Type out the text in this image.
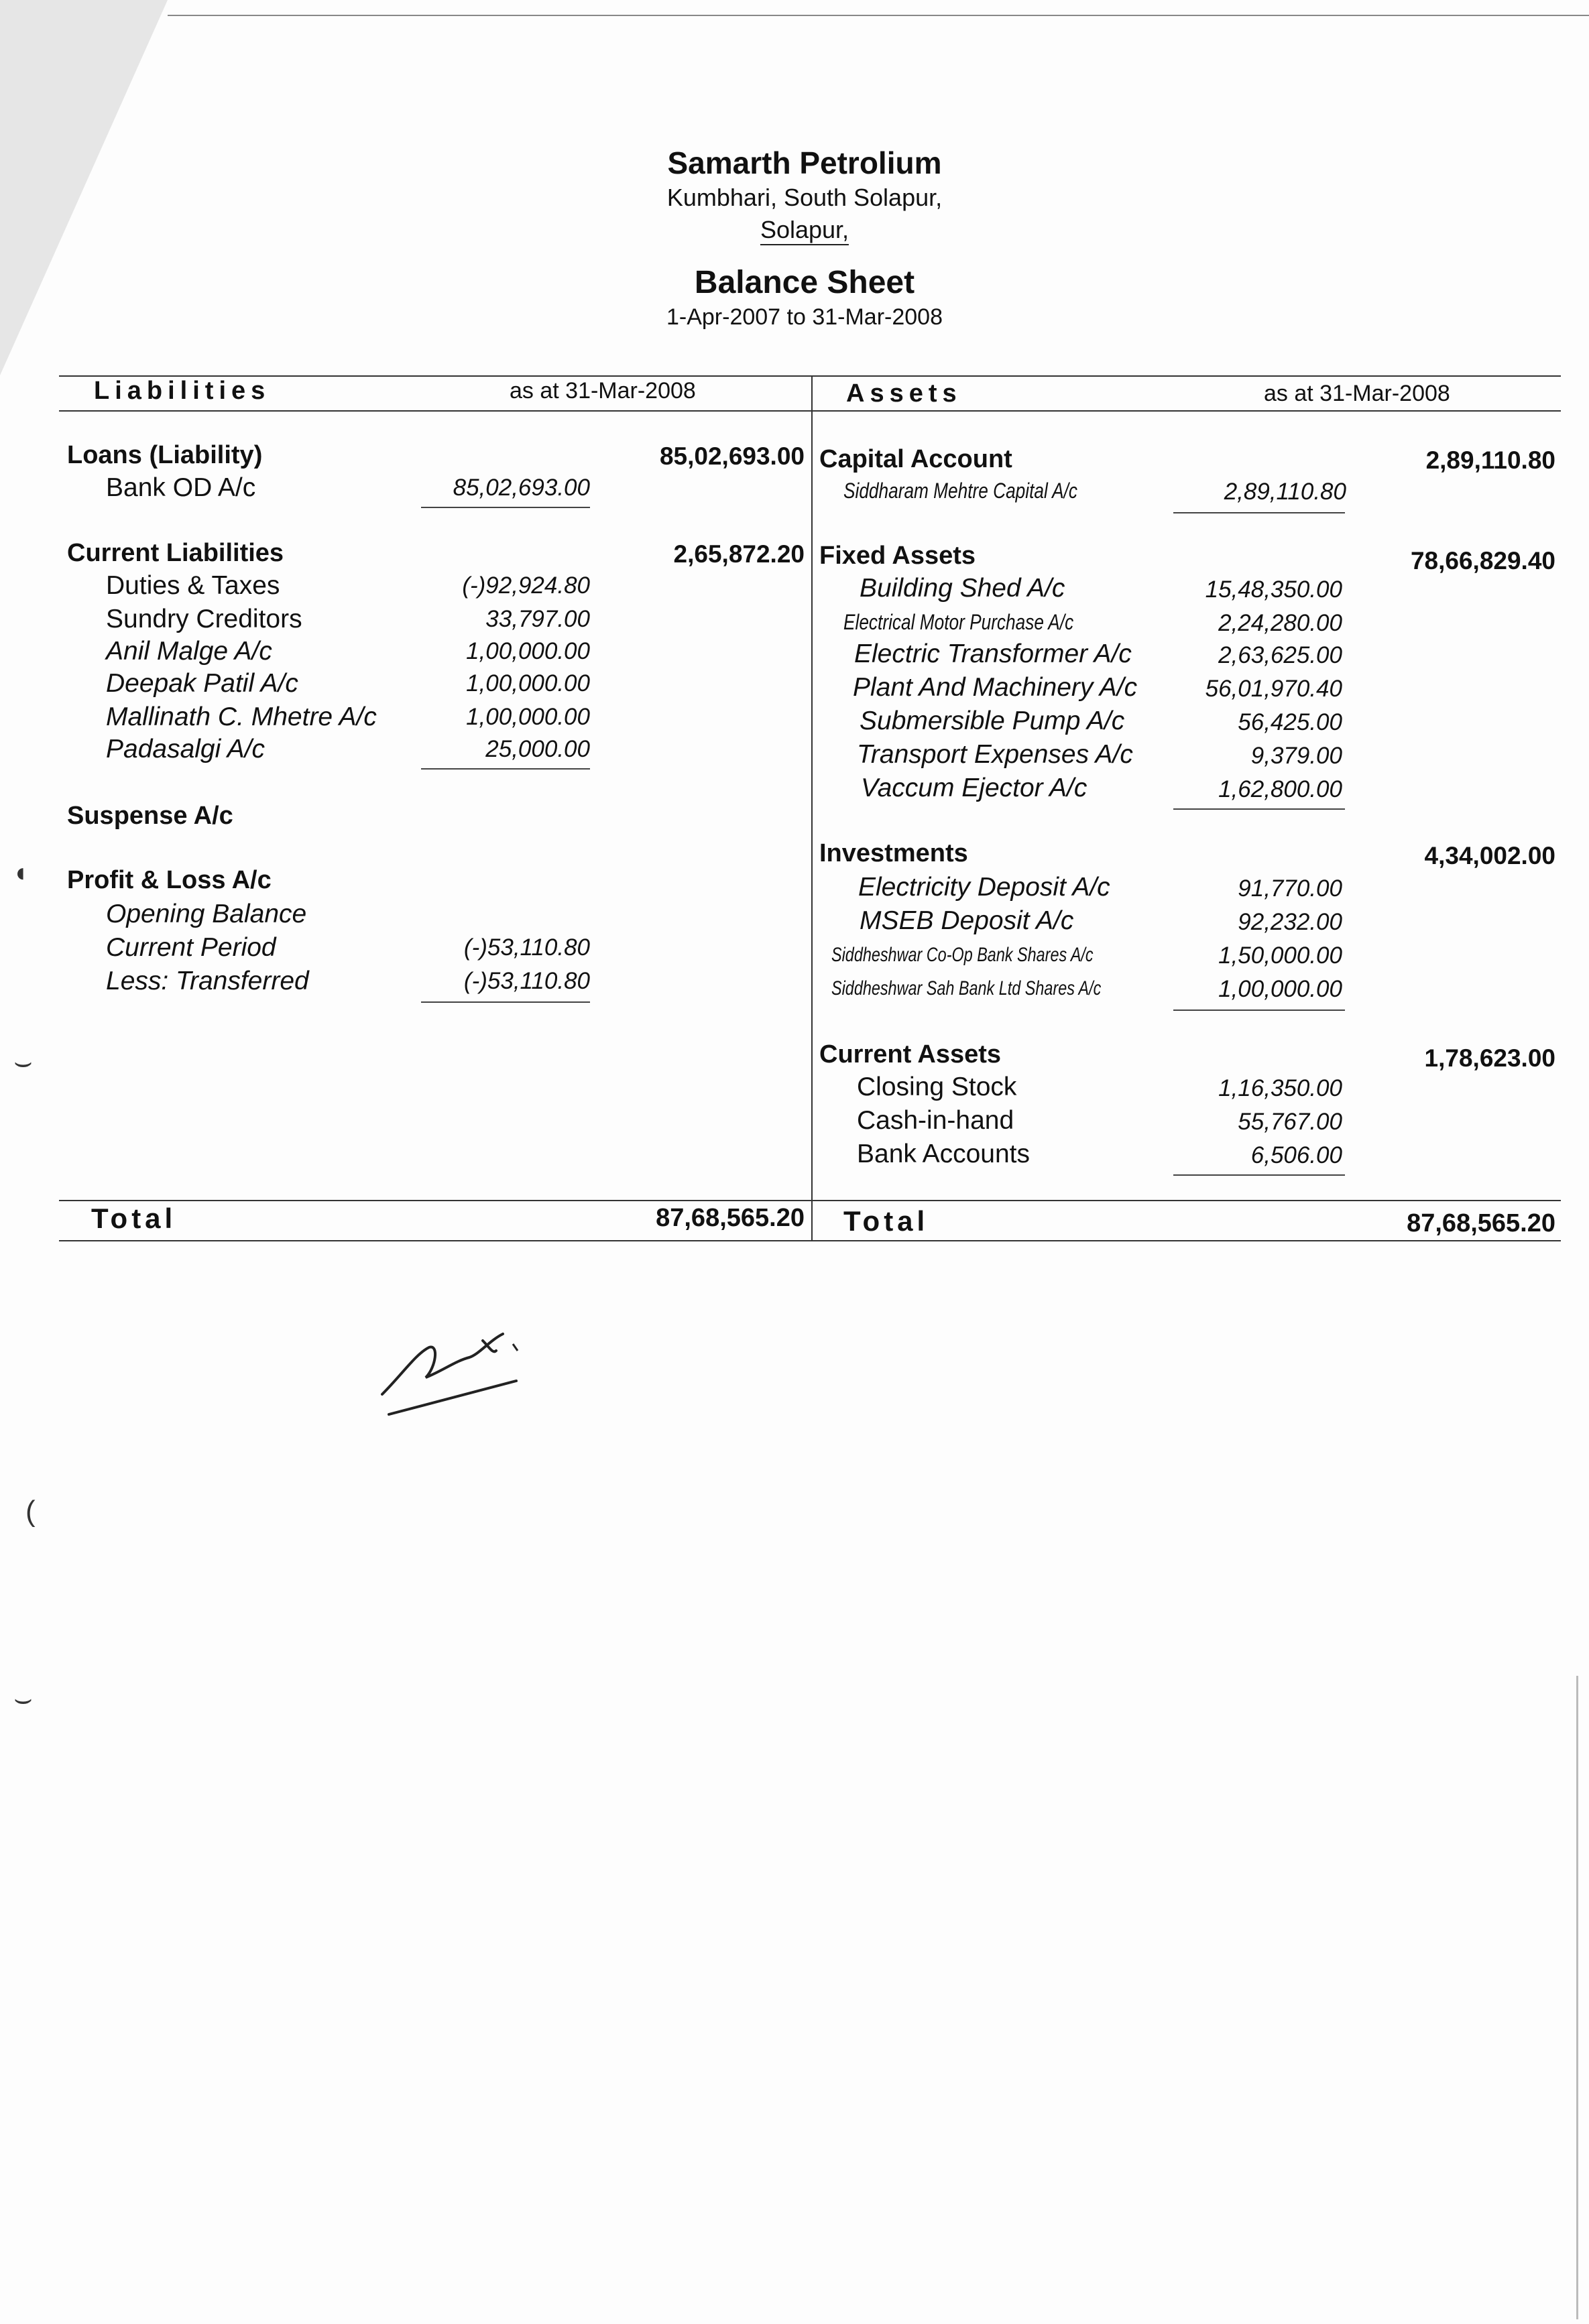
Samarth Petrolium
Kumbhari, South Solapur,
Solapur,
Balance Sheet
1-Apr-2007 to 31-Mar-2008
Liabilities	as at 31-Mar-2008	Assets	as at 31-Mar-2008
Loans (Liability)	85,02,693.00
Bank OD A/c	85,02,693.00
Current Liabilities	2,65,872.20
Duties & Taxes	(-)92,924.80
Sundry Creditors	33,797.00
Anil Malge A/c	1,00,000.00
Deepak Patil A/c	1,00,000.00
Mallinath C. Mhetre A/c	1,00,000.00
Padasalgi A/c	25,000.00
Suspense A/c
Profit & Loss A/c
Opening Balance
Current Period	(-)53,110.80
Less: Transferred	(-)53,110.80
Total	87,68,565.20
Capital Account	2,89,110.80
Siddharam Mehtre Capital A/c	2,89,110.80
Fixed Assets	78,66,829.40
Building Shed A/c	15,48,350.00
Electrical Motor Purchase A/c	2,24,280.00
Electric Transformer A/c	2,63,625.00
Plant And Machinery A/c	56,01,970.40
Submersible Pump A/c	56,425.00
Transport Expenses A/c	9,379.00
Vaccum Ejector A/c	1,62,800.00
Investments	4,34,002.00
Electricity Deposit A/c	91,770.00
MSEB Deposit A/c	92,232.00
Siddheshwar Co-Op Bank Shares A/c	1,50,000.00
Siddheshwar Sah Bank Ltd Shares A/c	1,00,000.00
Current Assets	1,78,623.00
Closing Stock	1,16,350.00
Cash-in-hand	55,767.00
Bank Accounts	6,506.00
Total	87,68,565.20
◖
(
⌣
⌣
